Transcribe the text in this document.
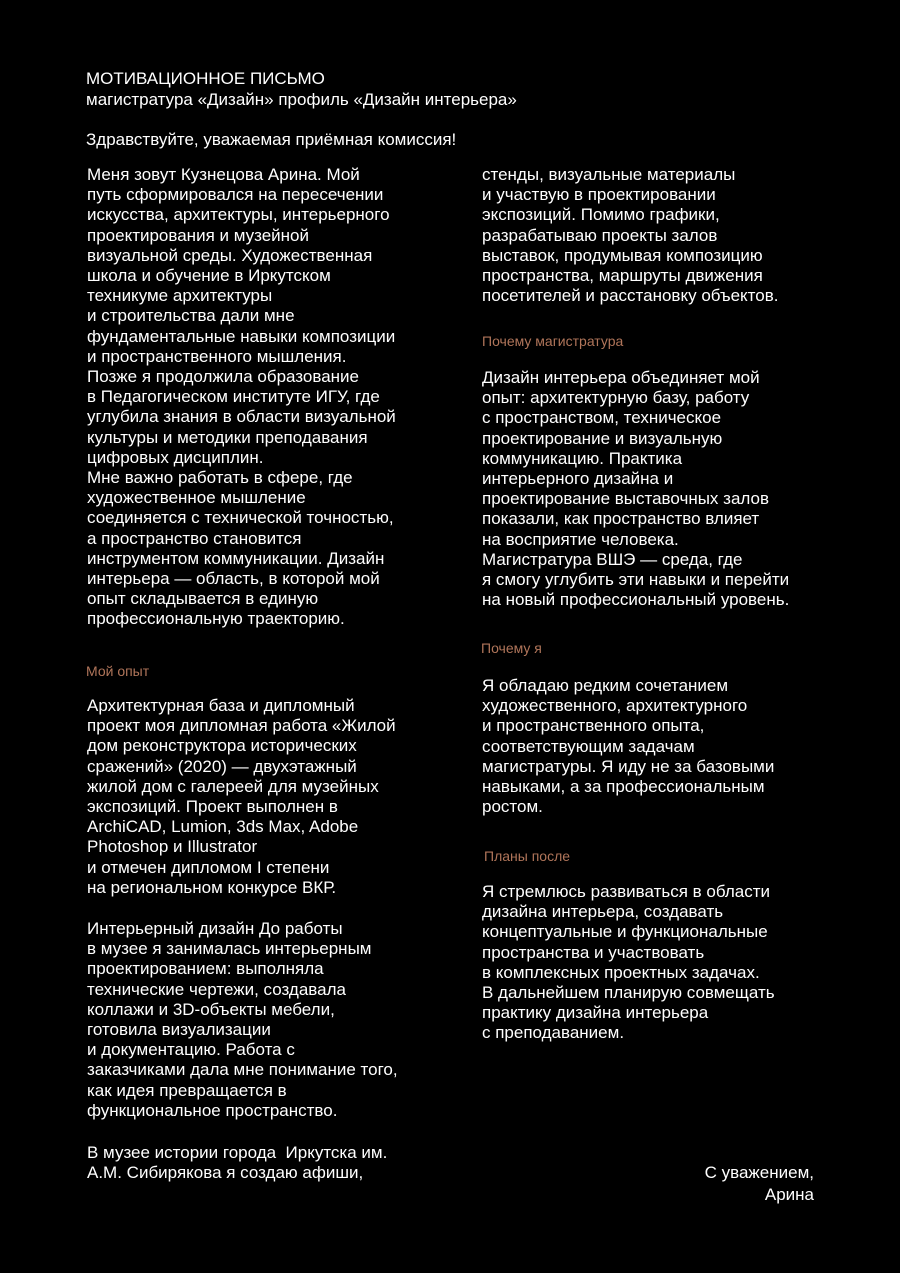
МОТИВАЦИОННОЕ ПИСЬМО
магистратура «Дизайн» профиль «Дизайн интерьера»
Здравствуйте, уважаемая приёмная комиссия!

Меня зовут Кузнецова Арина. Мой
путь сформировался на пересечении
искусства, архитектуры, интерьерного
проектирования и музейной
визуальной среды. Художественная
школа и обучение в Иркутском
техникуме архитектуры
и строительства дали мне
фундаментальные навыки композиции
и пространственного мышления.
Позже я продолжила образование
в Педагогическом институте ИГУ, где
углубила знания в области визуальной
культуры и методики преподавания
цифровых дисциплин.
Мне важно работать в сфере, где
художественное мышление
соединяется с технической точностью,
а пространство становится
инструментом коммуникации. Дизайн
интерьера — область, в которой мой
опыт складывается в единую
профессиональную траекторию.

Мой опыт

Архитектурная база и дипломный
проект моя дипломная работа «Жилой
дом реконструктора исторических
сражений» (2020) — двухэтажный
жилой дом с галереей для музейных
экспозиций. Проект выполнен в
ArchiCAD, Lumion, 3ds Max, Adobe
Photoshop и Illustrator
и отмечен дипломом I степени
на региональном конкурсе ВКР.

Интерьерный дизайн До работы
в музее я занималась интерьерным
проектированием: выполняла
технические чертежи, создавала
коллажи и 3D-объекты мебели,
готовила визуализации
и документацию. Работа с
заказчиками дала мне понимание того,
как идея превращается в
функциональное пространство.

В музее истории города  Иркутска им.
А.М. Сибирякова я создаю афиши,

стенды, визуальные материалы
и участвую в проектировании
экспозиций. Помимо графики,
разрабатываю проекты залов
выставок, продумывая композицию
пространства, маршруты движения
посетителей и расстановку объектов.

Почему магистратура

Дизайн интерьера объединяет мой
опыт: архитектурную базу, работу
с пространством, техническое
проектирование и визуальную
коммуникацию. Практика
интерьерного дизайна и
проектирование выставочных залов
показали, как пространство влияет
на восприятие человека.
Магистратура ВШЭ — среда, где
я смогу углубить эти навыки и перейти
на новый профессиональный уровень.

Почему я

Я обладаю редким сочетанием
художественного, архитектурного
и пространственного опыта,
соответствующим задачам
магистратуры. Я иду не за базовыми
навыками, а за профессиональным
ростом.

Планы после

Я стремлюсь развиваться в области
дизайна интерьера, создавать
концептуальные и функциональные
пространства и участвовать
в комплексных проектных задачах.
В дальнейшем планирую совмещать
практику дизайна интерьера
с преподаванием.

С уважением,
Арина
